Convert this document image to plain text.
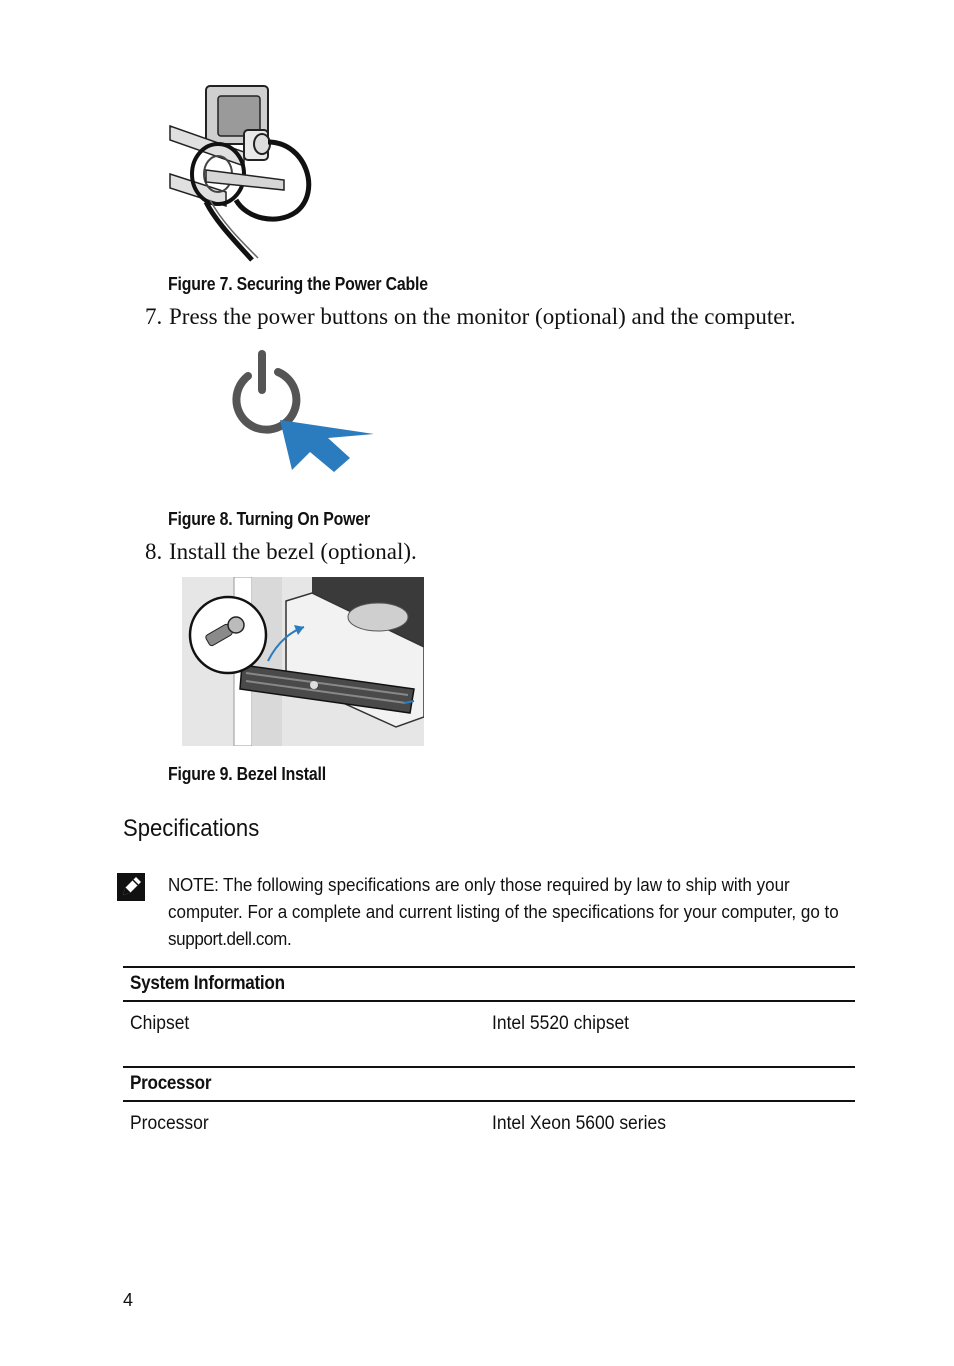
Figure 7. Securing the Power Cable
7. Press the power buttons on the monitor (optional) and the computer.
Figure 8. Turning On Power
8. Install the bezel (optional).
Figure 9. Bezel Install
Specifications
NOTE: The following specifications are only those required by law to ship with your computer. For a complete and current listing of the specifications for your computer, go to support.dell.com.
System Information	
Chipset	Intel 5520 chipset
Processor	
Processor	Intel Xeon 5600 series
4
